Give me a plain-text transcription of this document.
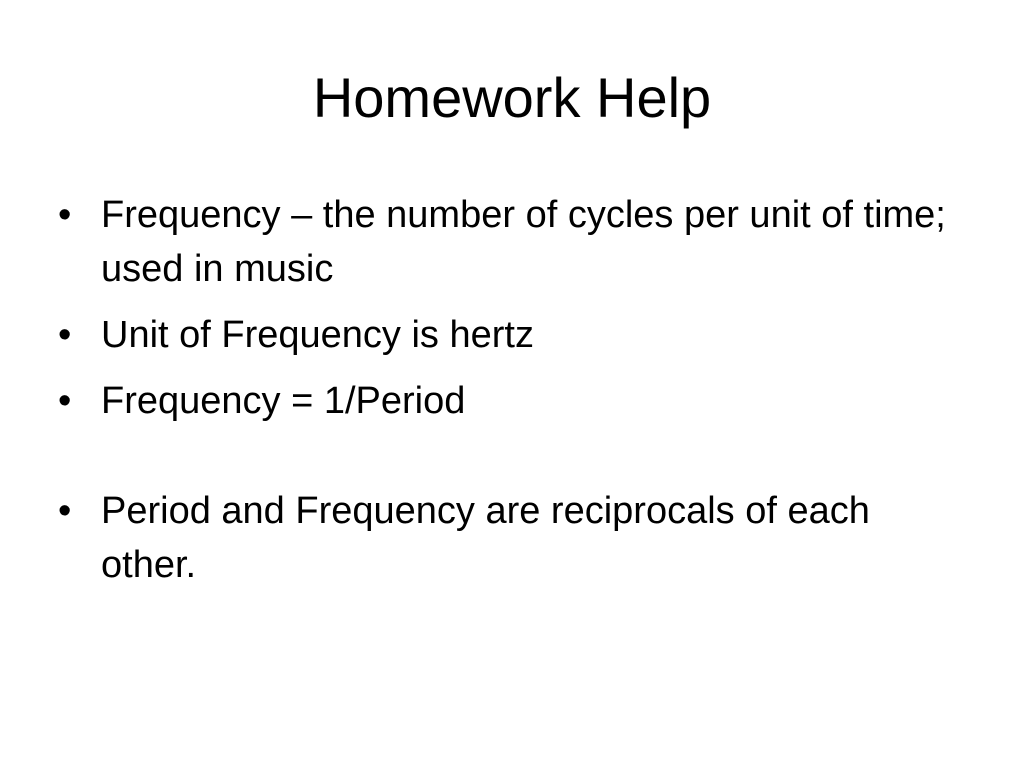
Homework Help
• Frequency – the number of cycles per unit of time; used in music
• Unit of Frequency is hertz
• Frequency = 1/Period
• Period and Frequency are reciprocals of each other.
